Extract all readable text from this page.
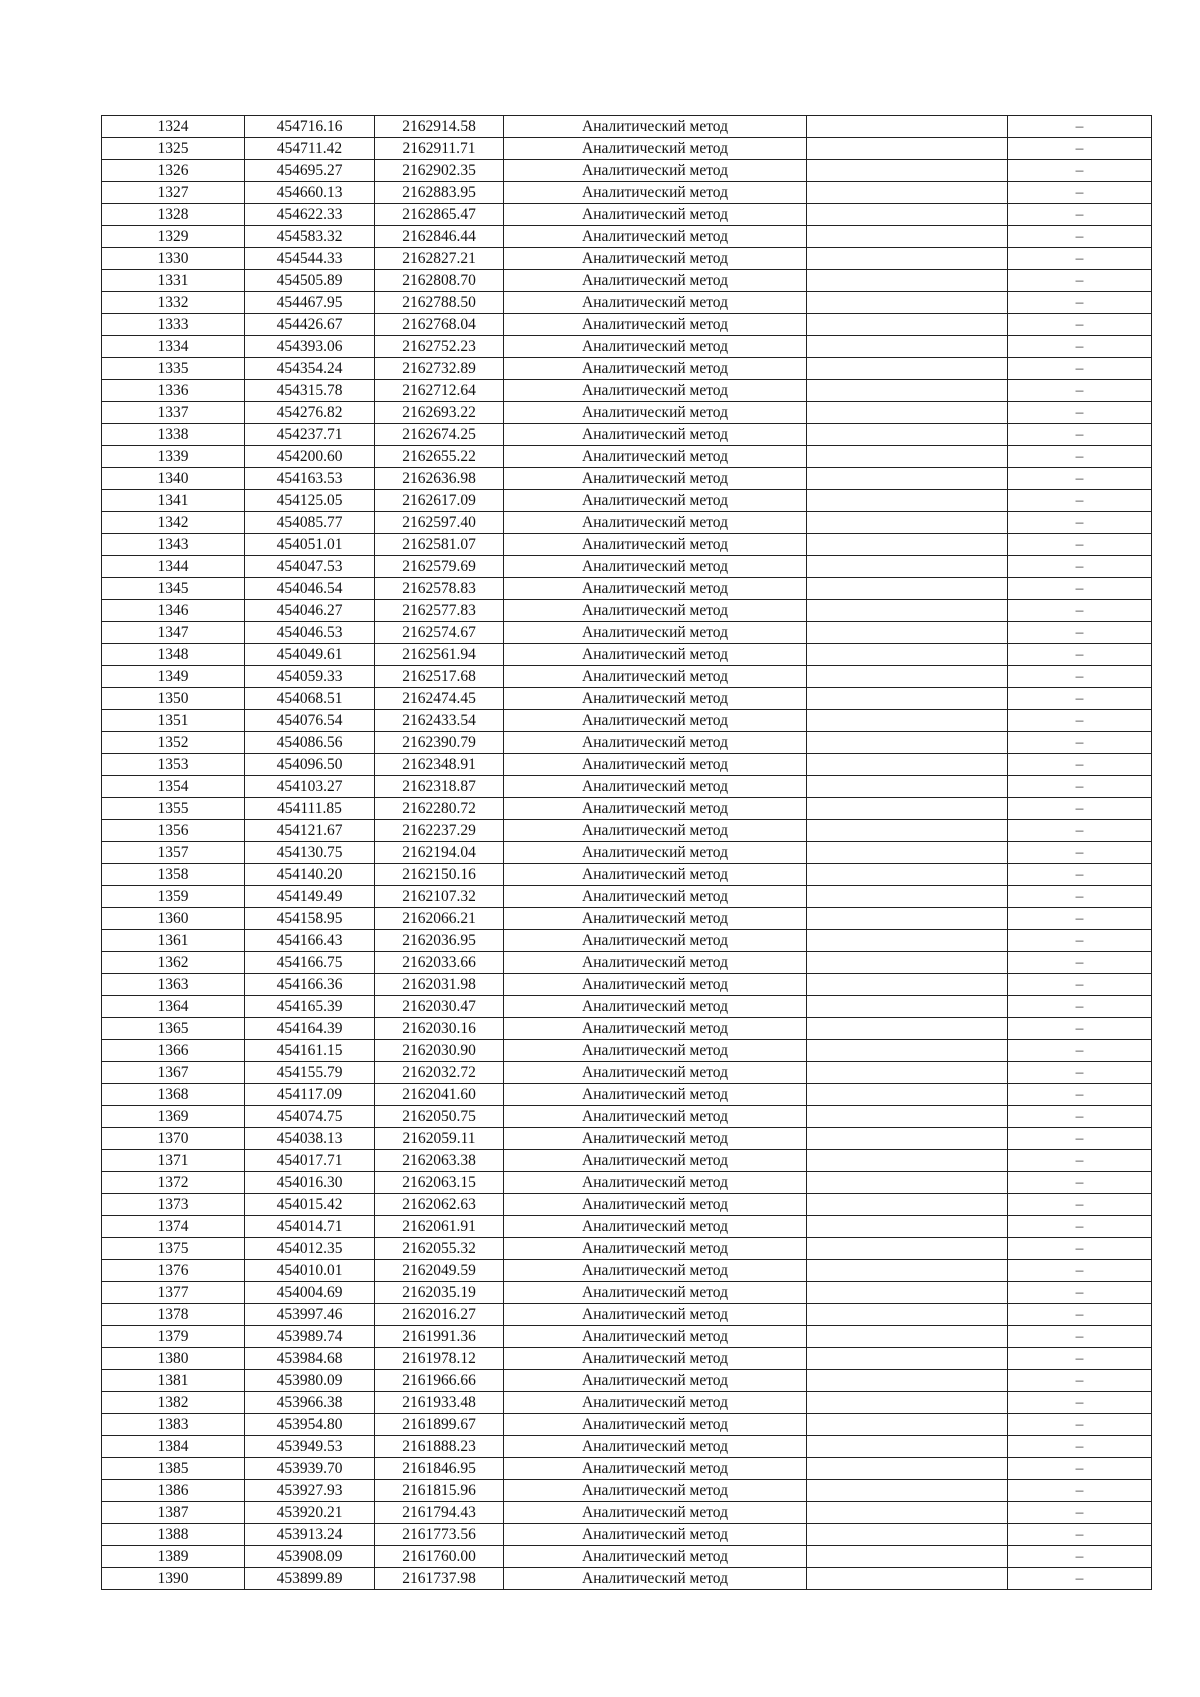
1324	454716.16	2162914.58	Аналитический метод		–
1325	454711.42	2162911.71	Аналитический метод		–
1326	454695.27	2162902.35	Аналитический метод		–
1327	454660.13	2162883.95	Аналитический метод		–
1328	454622.33	2162865.47	Аналитический метод		–
1329	454583.32	2162846.44	Аналитический метод		–
1330	454544.33	2162827.21	Аналитический метод		–
1331	454505.89	2162808.70	Аналитический метод		–
1332	454467.95	2162788.50	Аналитический метод		–
1333	454426.67	2162768.04	Аналитический метод		–
1334	454393.06	2162752.23	Аналитический метод		–
1335	454354.24	2162732.89	Аналитический метод		–
1336	454315.78	2162712.64	Аналитический метод		–
1337	454276.82	2162693.22	Аналитический метод		–
1338	454237.71	2162674.25	Аналитический метод		–
1339	454200.60	2162655.22	Аналитический метод		–
1340	454163.53	2162636.98	Аналитический метод		–
1341	454125.05	2162617.09	Аналитический метод		–
1342	454085.77	2162597.40	Аналитический метод		–
1343	454051.01	2162581.07	Аналитический метод		–
1344	454047.53	2162579.69	Аналитический метод		–
1345	454046.54	2162578.83	Аналитический метод		–
1346	454046.27	2162577.83	Аналитический метод		–
1347	454046.53	2162574.67	Аналитический метод		–
1348	454049.61	2162561.94	Аналитический метод		–
1349	454059.33	2162517.68	Аналитический метод		–
1350	454068.51	2162474.45	Аналитический метод		–
1351	454076.54	2162433.54	Аналитический метод		–
1352	454086.56	2162390.79	Аналитический метод		–
1353	454096.50	2162348.91	Аналитический метод		–
1354	454103.27	2162318.87	Аналитический метод		–
1355	454111.85	2162280.72	Аналитический метод		–
1356	454121.67	2162237.29	Аналитический метод		–
1357	454130.75	2162194.04	Аналитический метод		–
1358	454140.20	2162150.16	Аналитический метод		–
1359	454149.49	2162107.32	Аналитический метод		–
1360	454158.95	2162066.21	Аналитический метод		–
1361	454166.43	2162036.95	Аналитический метод		–
1362	454166.75	2162033.66	Аналитический метод		–
1363	454166.36	2162031.98	Аналитический метод		–
1364	454165.39	2162030.47	Аналитический метод		–
1365	454164.39	2162030.16	Аналитический метод		–
1366	454161.15	2162030.90	Аналитический метод		–
1367	454155.79	2162032.72	Аналитический метод		–
1368	454117.09	2162041.60	Аналитический метод		–
1369	454074.75	2162050.75	Аналитический метод		–
1370	454038.13	2162059.11	Аналитический метод		–
1371	454017.71	2162063.38	Аналитический метод		–
1372	454016.30	2162063.15	Аналитический метод		–
1373	454015.42	2162062.63	Аналитический метод		–
1374	454014.71	2162061.91	Аналитический метод		–
1375	454012.35	2162055.32	Аналитический метод		–
1376	454010.01	2162049.59	Аналитический метод		–
1377	454004.69	2162035.19	Аналитический метод		–
1378	453997.46	2162016.27	Аналитический метод		–
1379	453989.74	2161991.36	Аналитический метод		–
1380	453984.68	2161978.12	Аналитический метод		–
1381	453980.09	2161966.66	Аналитический метод		–
1382	453966.38	2161933.48	Аналитический метод		–
1383	453954.80	2161899.67	Аналитический метод		–
1384	453949.53	2161888.23	Аналитический метод		–
1385	453939.70	2161846.95	Аналитический метод		–
1386	453927.93	2161815.96	Аналитический метод		–
1387	453920.21	2161794.43	Аналитический метод		–
1388	453913.24	2161773.56	Аналитический метод		–
1389	453908.09	2161760.00	Аналитический метод		–
1390	453899.89	2161737.98	Аналитический метод		–
